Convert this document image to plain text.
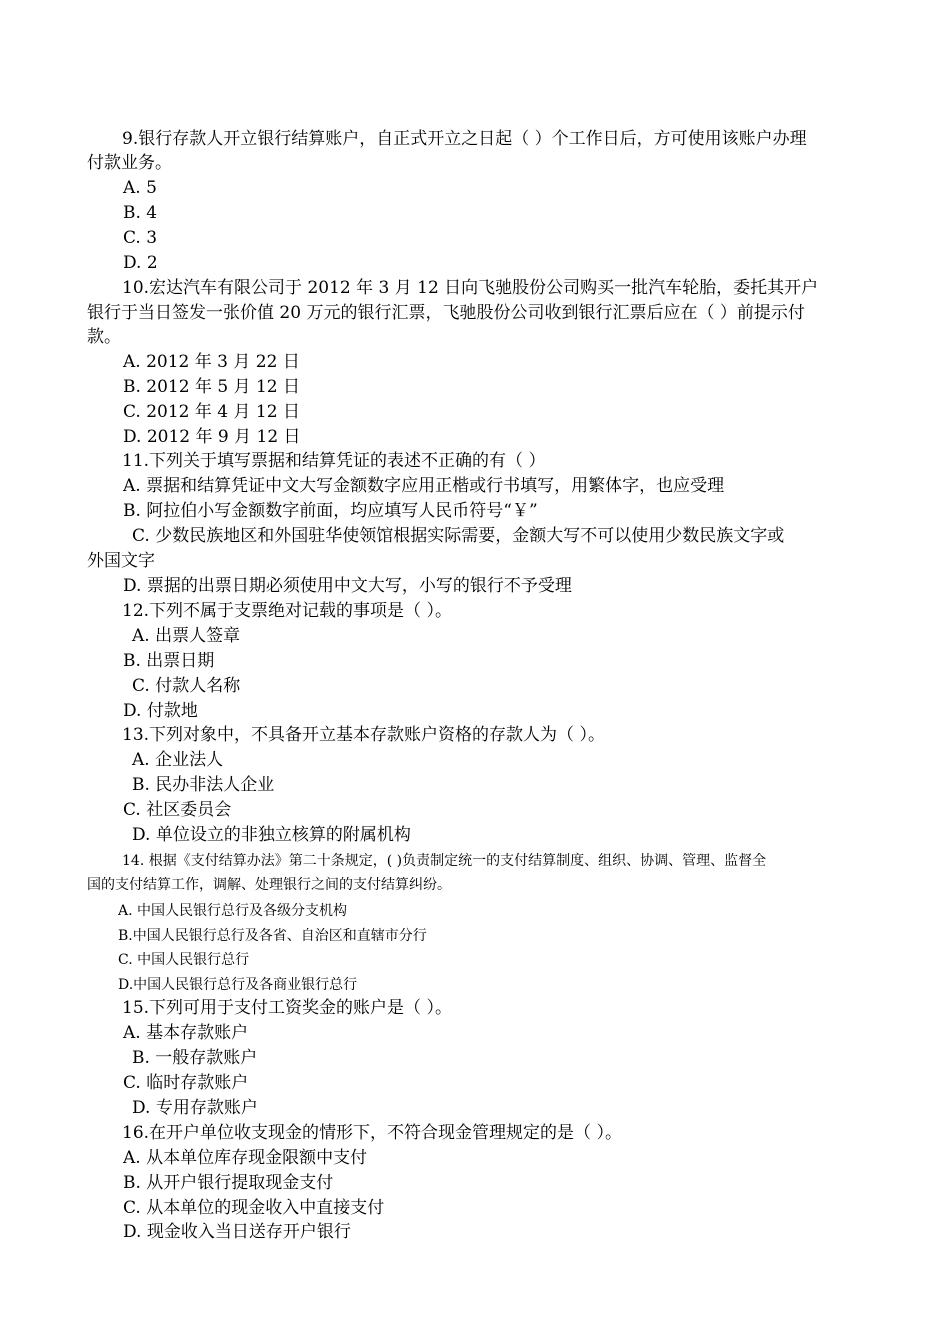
9.银行存款人开立银行结算账户，自正式开立之日起（ ）个工作日后，方可使用该账户办理
付款业务。
A. 5
B. 4
C. 3
D. 2
10.宏达汽车有限公司于 2012 年 3 月 12 日向飞驰股份公司购买一批汽车轮胎，委托其开户
银行于当日签发一张价值 20 万元的银行汇票，飞驰股份公司收到银行汇票后应在（ ）前提示付
款。
A. 2012 年 3 月 22 日
B. 2012 年 5 月 12 日
C. 2012 年 4 月 12 日
D. 2012 年 9 月 12 日
11.下列关于填写票据和结算凭证的表述不正确的有（ ）
A. 票据和结算凭证中文大写金额数字应用正楷或行书填写，用繁体字，也应受理
B. 阿拉伯小写金额数字前面，均应填写人民币符号“￥”
C. 少数民族地区和外国驻华使领馆根据实际需要，金额大写不可以使用少数民族文字或
外国文字
D. 票据的出票日期必须使用中文大写，小写的银行不予受理
12.下列不属于支票绝对记载的事项是（ ）。
A. 出票人签章
B. 出票日期
C. 付款人名称
D. 付款地
13.下列对象中，不具备开立基本存款账户资格的存款人为（ ）。
A. 企业法人
B. 民办非法人企业
C. 社区委员会
D. 单位设立的非独立核算的附属机构
14. 根据《支付结算办法》第二十条规定，( )负责制定统一的支付结算制度、组织、协调、管理、监督全
国的支付结算工作，调解、处理银行之间的支付结算纠纷。
A. 中国人民银行总行及各级分支机构
B.中国人民银行总行及各省、自治区和直辖市分行
C. 中国人民银行总行
D.中国人民银行总行及各商业银行总行
15.下列可用于支付工资奖金的账户是（ ）。
A. 基本存款账户
B. 一般存款账户
C. 临时存款账户
D. 专用存款账户
16.在开户单位收支现金的情形下，不符合现金管理规定的是（ ）。
A. 从本单位库存现金限额中支付
B. 从开户银行提取现金支付
C. 从本单位的现金收入中直接支付
D. 现金收入当日送存开户银行
